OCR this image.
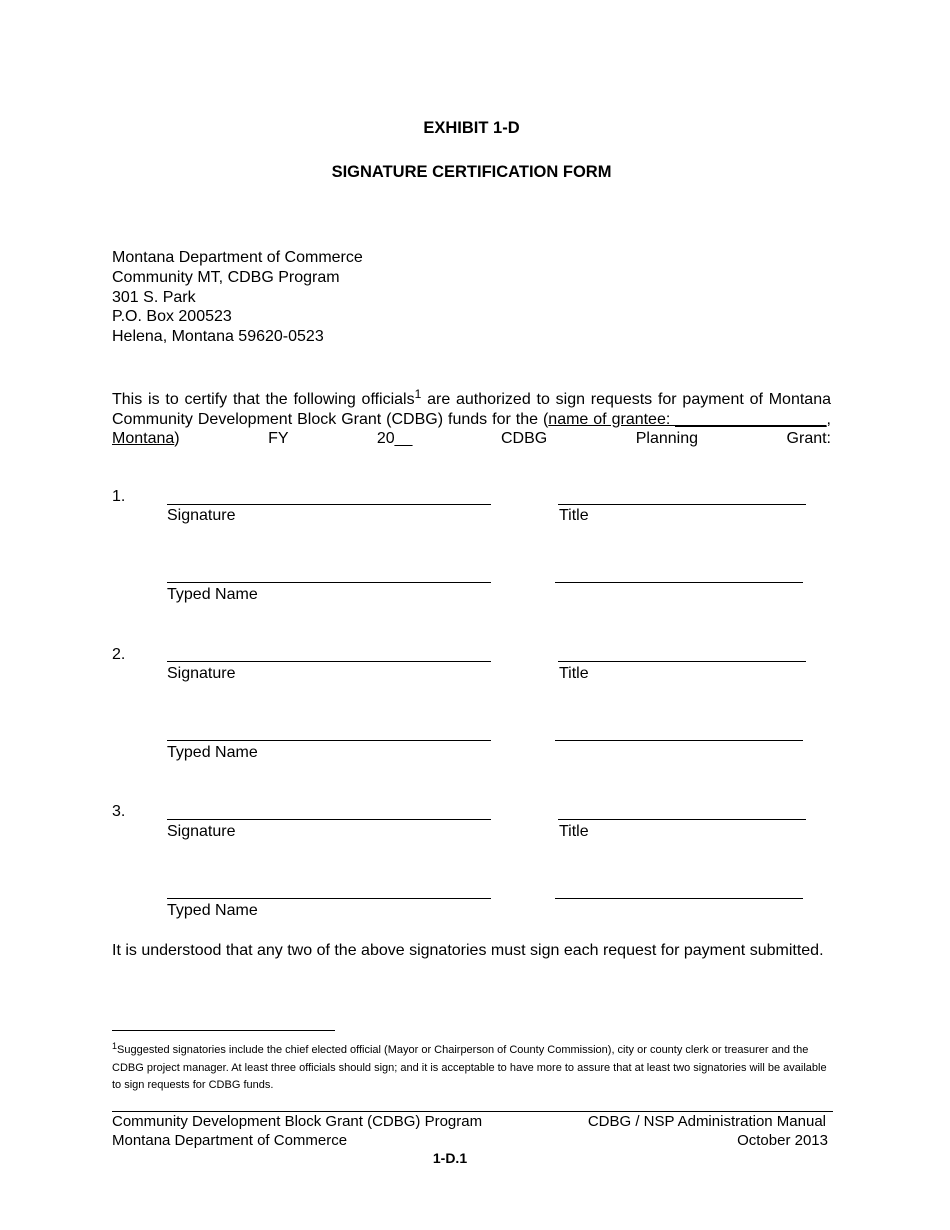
EXHIBIT 1-D
SIGNATURE CERTIFICATION FORM
Montana Department of Commerce
Community MT, CDBG Program
301 S. Park
P.O. Box 200523
Helena, Montana 59620-0523
This is to certify that the following officials$^1$ are authorized to sign requests for payment of Montana Community Development Block Grant (CDBG) funds for the (name of grantee: _________________, Montana) FY 20__ CDBG Planning Grant:
1.
Signature	Title
Typed Name
2.
Signature	Title
Typed Name
3.
Signature	Title
Typed Name
It is understood that any two of the above signatories must sign each request for payment submitted.
$^1$Suggested signatories include the chief elected official (Mayor or Chairperson of County Commission), city or county clerk or treasurer and the CDBG project manager. At least three officials should sign; and it is acceptable to have more to assure that at least two signatories will be available to sign requests for CDBG funds.
Community Development Block Grant (CDBG) Program
Montana Department of Commerce
CDBG / NSP Administration Manual
October 2013
1-D.1
